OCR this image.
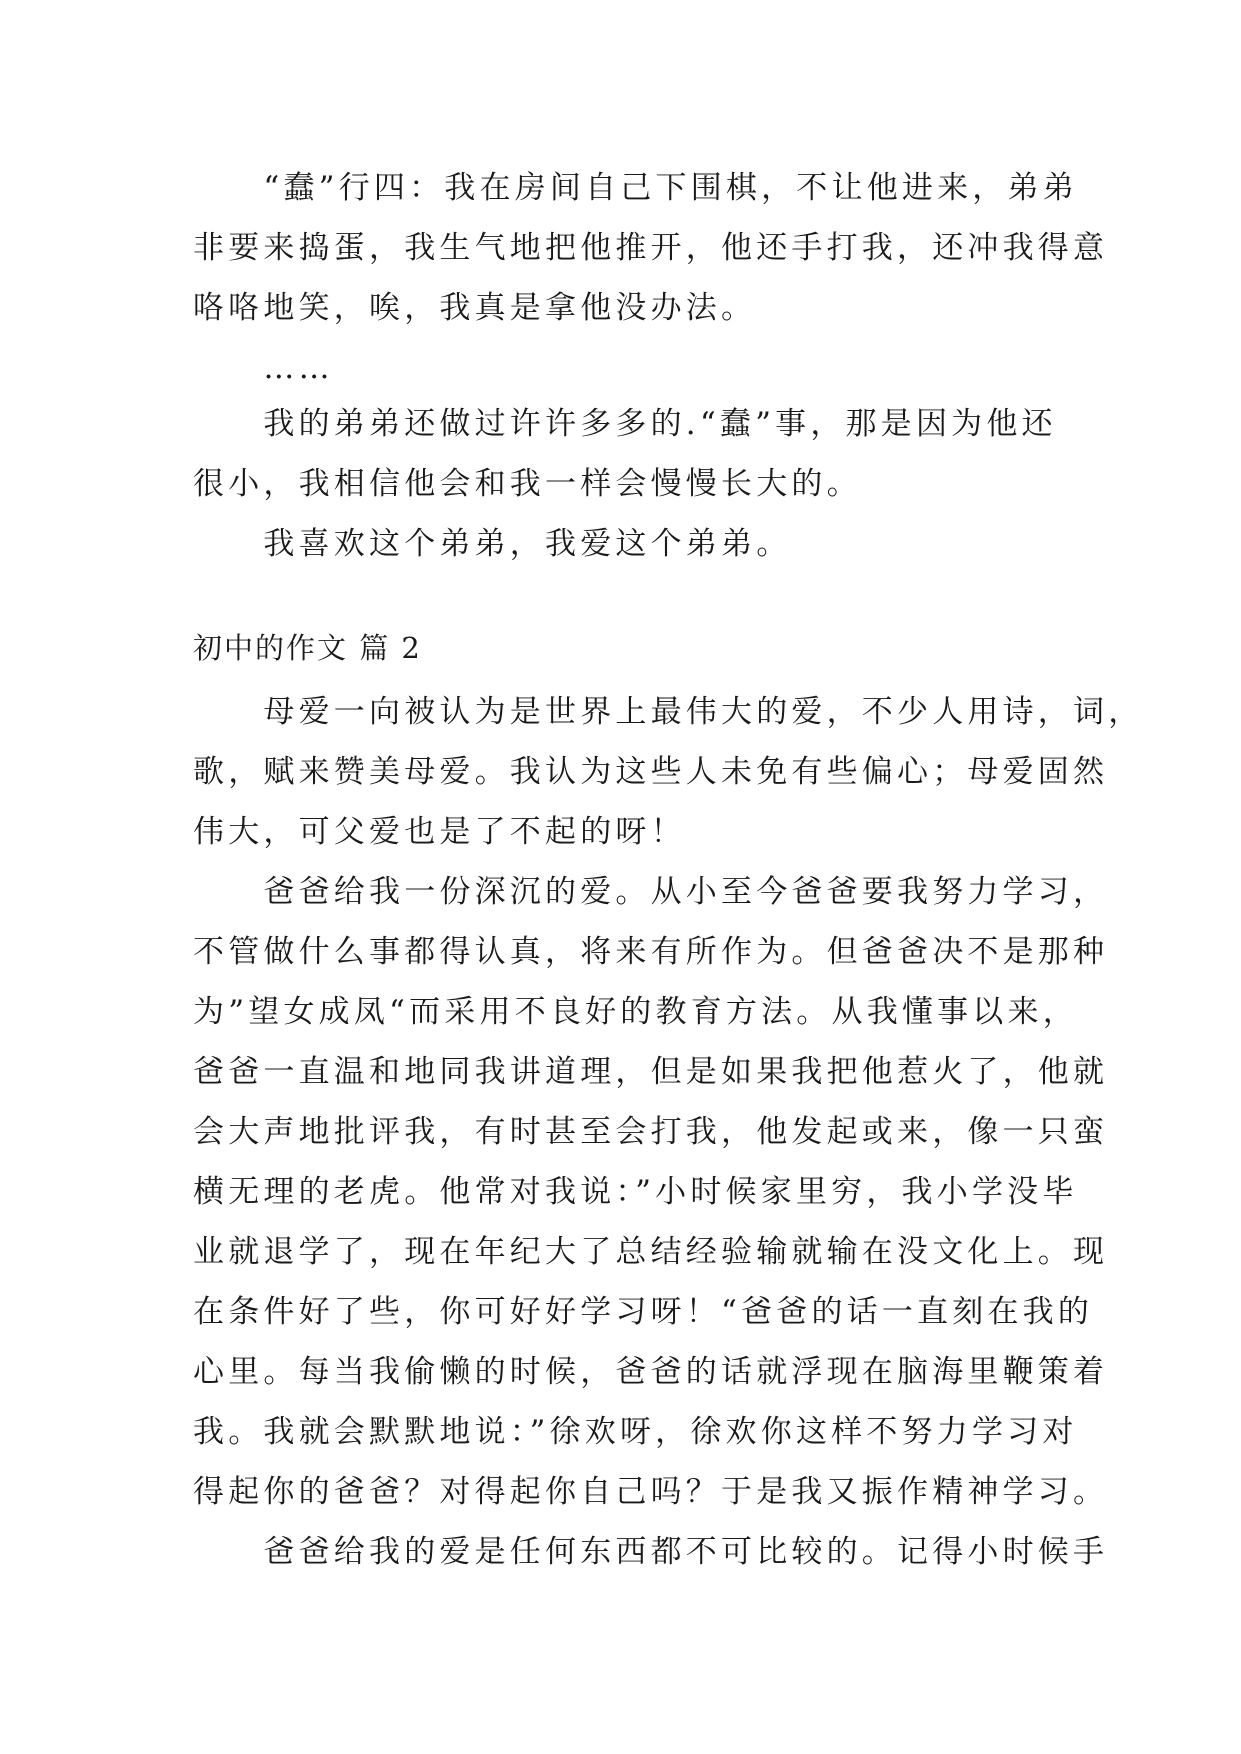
　　“蠢”行四：我在房间自己下围棋，不让他进来，弟弟
非要来捣蛋，我生气地把他推开，他还手打我，还冲我得意
咯咯地笑，唉，我真是拿他没办法。
　　……
　　我的弟弟还做过许许多多的.“蠢”事，那是因为他还
很小，我相信他会和我一样会慢慢长大的。
　　我喜欢这个弟弟，我爱这个弟弟。
初中的作文 篇 2
　　母爱一向被认为是世界上最伟大的爱，不少人用诗，词，
歌，赋来赞美母爱。我认为这些人未免有些偏心；母爱固然
伟大，可父爱也是了不起的呀！
　　爸爸给我一份深沉的爱。从小至今爸爸要我努力学习，
不管做什么事都得认真，将来有所作为。但爸爸决不是那种
为”望女成凤“而采用不良好的教育方法。从我懂事以来，
爸爸一直温和地同我讲道理，但是如果我把他惹火了，他就
会大声地批评我，有时甚至会打我，他发起或来，像一只蛮
横无理的老虎。他常对我说：”小时候家里穷，我小学没毕
业就退学了，现在年纪大了总结经验输就输在没文化上。现
在条件好了些，你可好好学习呀！“爸爸的话一直刻在我的
心里。每当我偷懒的时候，爸爸的话就浮现在脑海里鞭策着
我。我就会默默地说：”徐欢呀，徐欢你这样不努力学习对
得起你的爸爸？对得起你自己吗？于是我又振作精神学习。
　　爸爸给我的爱是任何东西都不可比较的。记得小时候手
